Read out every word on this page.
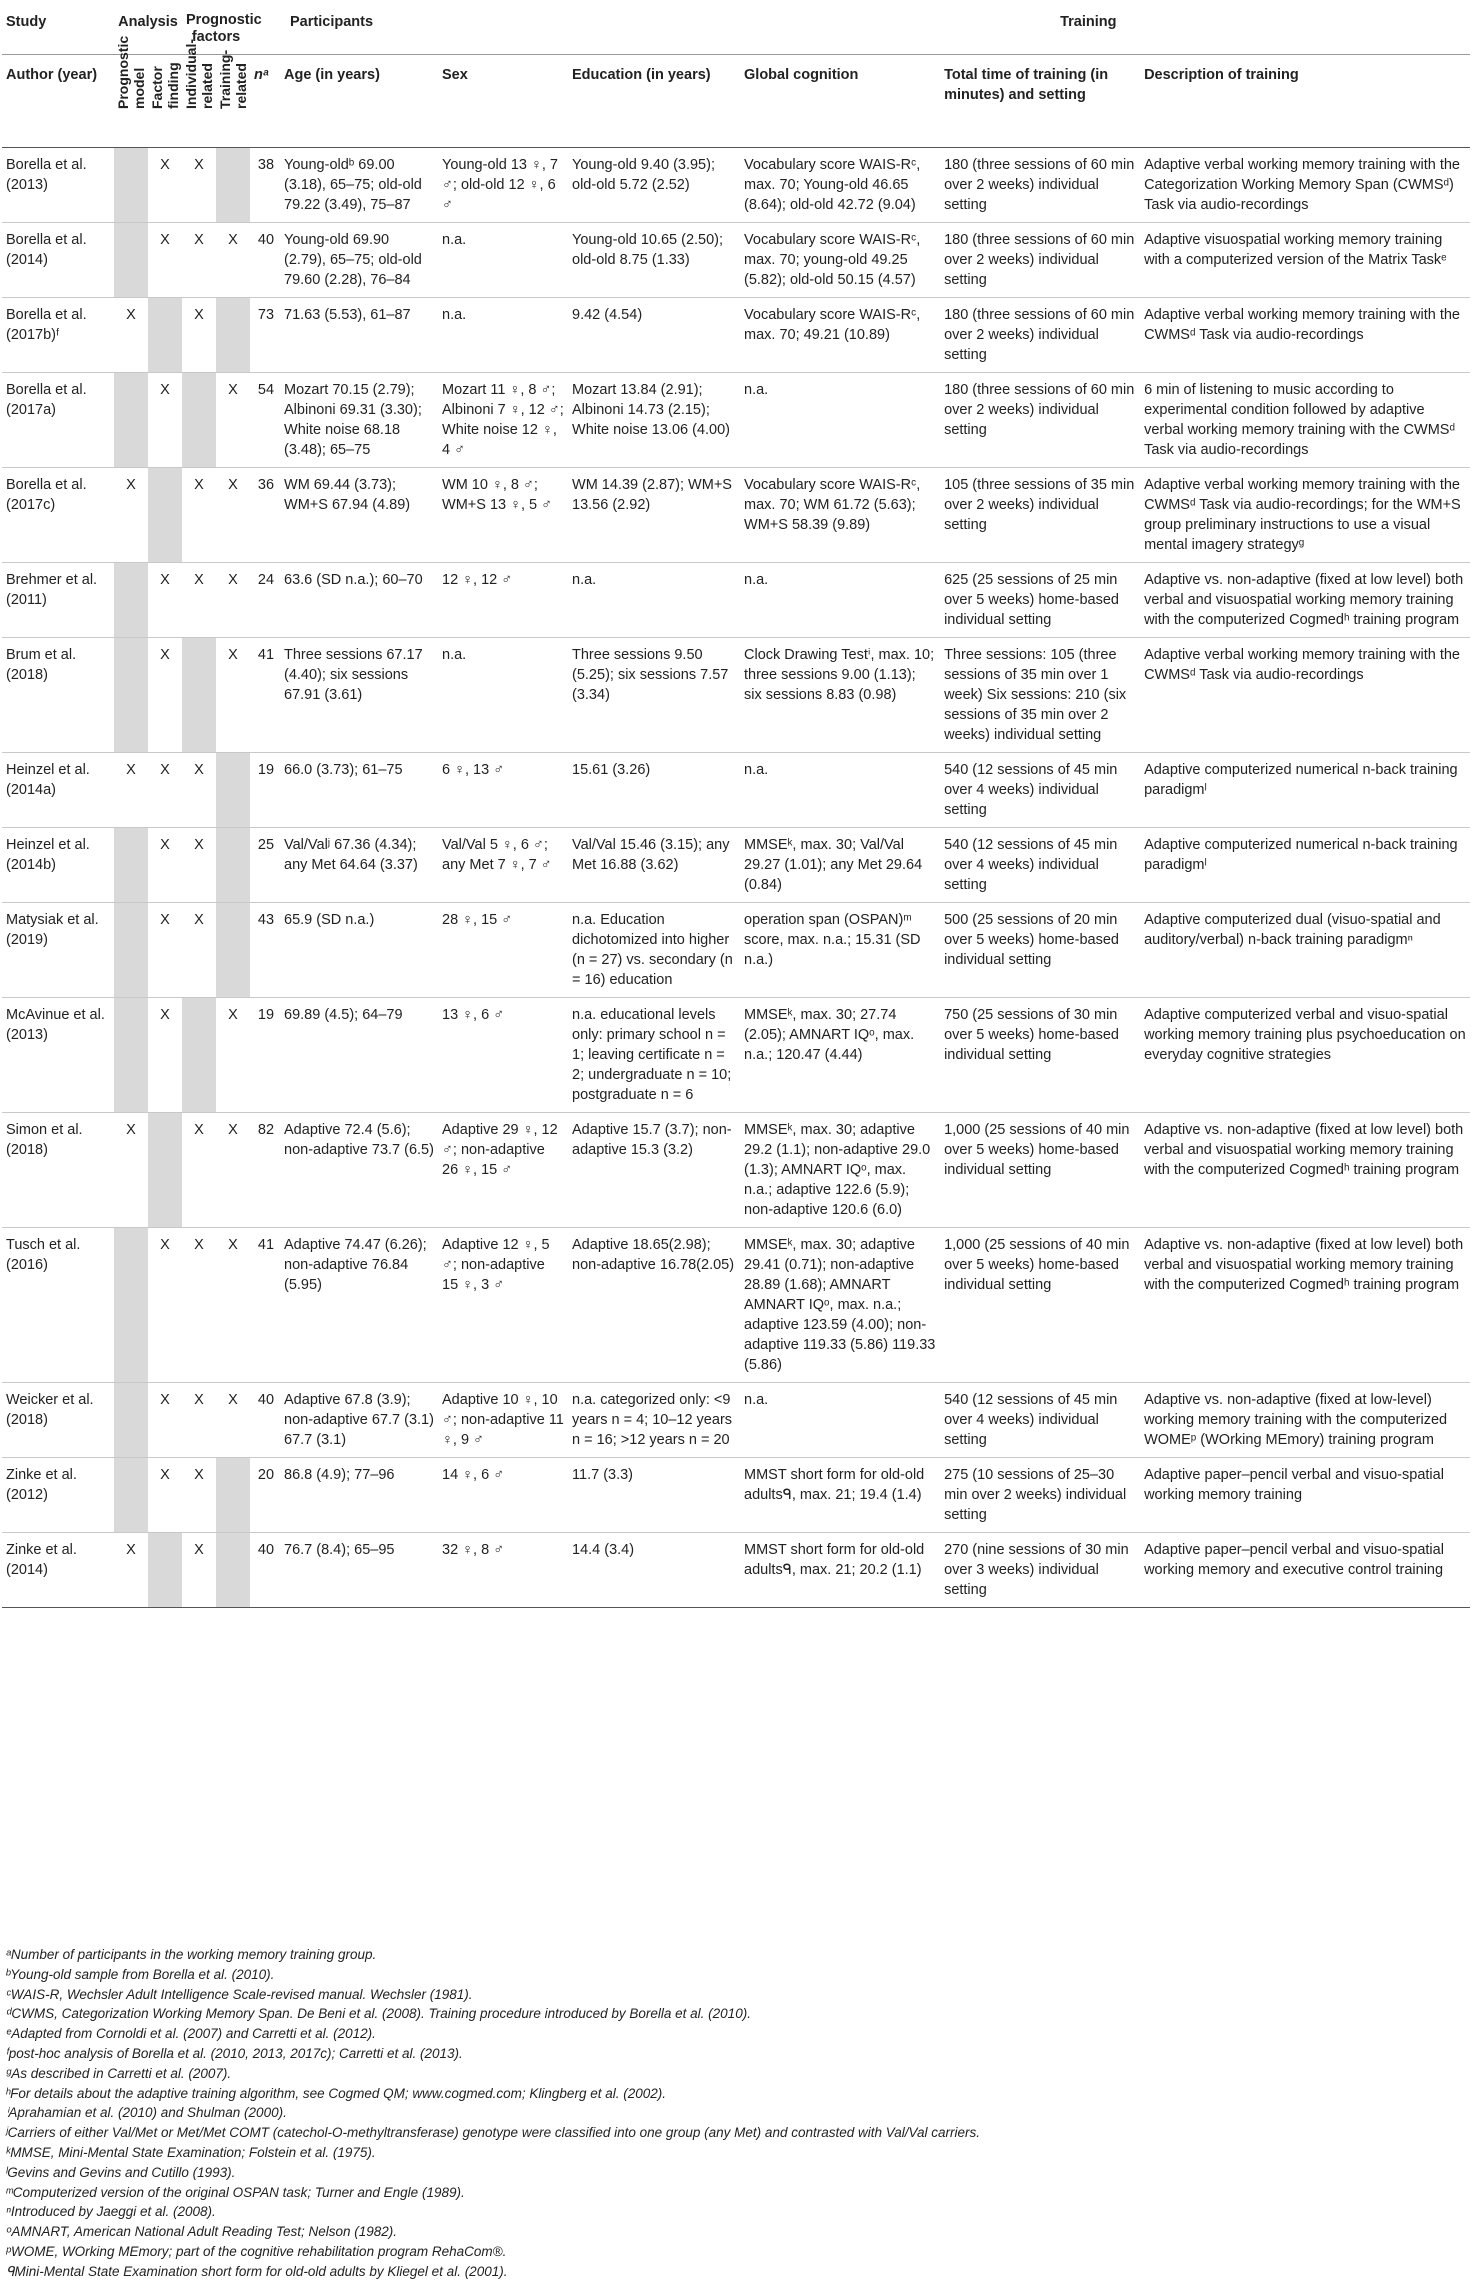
Study	Analysis		Prognostic factors		Participants					Training	
Author (year)	Prognostic model	Factor finding	Individual-related	Training-related	nᵃ	Age (in years)	Sex	Education (in years)	Global cognition	Total time of training (in minutes) and setting	Description of training
Borella et al. (2013)		X	X		38	Young-oldᵇ 69.00 (3.18), 65–75; old-old 79.22 (3.49), 75–87	Young-old 13 ♀, 7 ♂; old-old 12 ♀, 6 ♂	Young-old 9.40 (3.95); old-old 5.72 (2.52)	Vocabulary score WAIS-Rᶜ, max. 70; Young-old 46.65 (8.64); old-old 42.72 (9.04)	180 (three sessions of 60 min over 2 weeks) individual setting	Adaptive verbal working memory training with the Categorization Working Memory Span (CWMSᵈ) Task via audio-recordings
Borella et al. (2014)		X	X	X	40	Young-old 69.90 (2.79), 65–75; old-old 79.60 (2.28), 76–84	n.a.	Young-old 10.65 (2.50); old-old 8.75 (1.33)	Vocabulary score WAIS-Rᶜ, max. 70; young-old 49.25 (5.82); old-old 50.15 (4.57)	180 (three sessions of 60 min over 2 weeks) individual setting	Adaptive visuospatial working memory training with a computerized version of the Matrix Taskᵉ
Borella et al. (2017b)ᶠ	X		X		73	71.63 (5.53), 61–87	n.a.	9.42 (4.54)	Vocabulary score WAIS-Rᶜ, max. 70; 49.21 (10.89)	180 (three sessions of 60 min over 2 weeks) individual setting	Adaptive verbal working memory training with the CWMSᵈ Task via audio-recordings
Borella et al. (2017a)		X		X	54	Mozart 70.15 (2.79); Albinoni 69.31 (3.30); White noise 68.18 (3.48); 65–75	Mozart 11 ♀, 8 ♂; Albinoni 7 ♀, 12 ♂; White noise 12 ♀, 4 ♂	Mozart 13.84 (2.91); Albinoni 14.73 (2.15); White noise 13.06 (4.00)	n.a.	180 (three sessions of 60 min over 2 weeks) individual setting	6 min of listening to music according to experimental condition followed by adaptive verbal working memory training with the CWMSᵈ Task via audio-recordings
Borella et al. (2017c)	X		X	X	36	WM 69.44 (3.73); WM+S 67.94 (4.89)	WM 10 ♀, 8 ♂; WM+S 13 ♀, 5 ♂	WM 14.39 (2.87); WM+S 13.56 (2.92)	Vocabulary score WAIS-Rᶜ, max. 70; WM 61.72 (5.63); WM+S 58.39 (9.89)	105 (three sessions of 35 min over 2 weeks) individual setting	Adaptive verbal working memory training with the CWMSᵈ Task via audio-recordings; for the WM+S group preliminary instructions to use a visual mental imagery strategyᵍ
Brehmer et al. (2011)		X	X	X	24	63.6 (SD n.a.); 60–70	12 ♀, 12 ♂	n.a.	n.a.	625 (25 sessions of 25 min over 5 weeks) home-based individual setting	Adaptive vs. non-adaptive (fixed at low level) both verbal and visuospatial working memory training with the computerized Cogmedʰ training program
Brum et al. (2018)		X		X	41	Three sessions 67.17 (4.40); six sessions 67.91 (3.61)	n.a.	Three sessions 9.50 (5.25); six sessions 7.57 (3.34)	Clock Drawing Testⁱ, max. 10; three sessions 9.00 (1.13); six sessions 8.83 (0.98)	Three sessions: 105 (three sessions of 35 min over 1 week) Six sessions: 210 (six sessions of 35 min over 2 weeks) individual setting	Adaptive verbal working memory training with the CWMSᵈ Task via audio-recordings
Heinzel et al. (2014a)	X	X	X		19	66.0 (3.73); 61–75	6 ♀, 13 ♂	15.61 (3.26)	n.a.	540 (12 sessions of 45 min over 4 weeks) individual setting	Adaptive computerized numerical n-back training paradigmˡ
Heinzel et al. (2014b)		X	X		25	Val/Valʲ 67.36 (4.34); any Met 64.64 (3.37)	Val/Val 5 ♀, 6 ♂; any Met 7 ♀, 7 ♂	Val/Val 15.46 (3.15); any Met 16.88 (3.62)	MMSEᵏ, max. 30; Val/Val 29.27 (1.01); any Met 29.64 (0.84)	540 (12 sessions of 45 min over 4 weeks) individual setting	Adaptive computerized numerical n-back training paradigmˡ
Matysiak et al. (2019)		X	X		43	65.9 (SD n.a.)	28 ♀, 15 ♂	n.a. Education dichotomized into higher (n = 27) vs. secondary (n = 16) education	operation span (OSPAN)ᵐ score, max. n.a.; 15.31 (SD n.a.)	500 (25 sessions of 20 min over 5 weeks) home-based individual setting	Adaptive computerized dual (visuo-spatial and auditory/verbal) n-back training paradigmⁿ
McAvinue et al. (2013)		X		X	19	69.89 (4.5); 64–79	13 ♀, 6 ♂	n.a. educational levels only: primary school n = 1; leaving certificate n = 2; undergraduate n = 10; postgraduate n = 6	MMSEᵏ, max. 30; 27.74 (2.05); AMNART IQᵒ, max. n.a.; 120.47 (4.44)	750 (25 sessions of 30 min over 5 weeks) home-based individual setting	Adaptive computerized verbal and visuo-spatial working memory training plus psychoeducation on everyday cognitive strategies
Simon et al. (2018)	X		X	X	82	Adaptive 72.4 (5.6); non-adaptive 73.7 (6.5)	Adaptive 29 ♀, 12 ♂; non-adaptive 26 ♀, 15 ♂	Adaptive 15.7 (3.7); non-adaptive 15.3 (3.2)	MMSEᵏ, max. 30; adaptive 29.2 (1.1); non-adaptive 29.0 (1.3); AMNART IQᵒ, max. n.a.; adaptive 122.6 (5.9); non-adaptive 120.6 (6.0)	1,000 (25 sessions of 40 min over 5 weeks) home-based individual setting	Adaptive vs. non-adaptive (fixed at low level) both verbal and visuospatial working memory training with the computerized Cogmedʰ training program
Tusch et al. (2016)		X	X	X	41	Adaptive 74.47 (6.26); non-adaptive 76.84 (5.95)	Adaptive 12 ♀, 5 ♂; non-adaptive 15 ♀, 3 ♂	Adaptive 18.65(2.98); non-adaptive 16.78(2.05)	MMSEᵏ, max. 30; adaptive 29.41 (0.71); non-adaptive 28.89 (1.68); AMNART AMNART IQᵒ, max. n.a.; adaptive 123.59 (4.00); non-adaptive 119.33 (5.86) 119.33 (5.86)	1,000 (25 sessions of 40 min over 5 weeks) home-based individual setting	Adaptive vs. non-adaptive (fixed at low level) both verbal and visuospatial working memory training with the computerized Cogmedʰ training program
Weicker et al. (2018)		X	X	X	40	Adaptive 67.8 (3.9); non-adaptive 67.7 (3.1) 67.7 (3.1)	Adaptive 10 ♀, 10 ♂; non-adaptive 11 ♀, 9 ♂	n.a. categorized only: <9 years n = 4; 10–12 years n = 16; >12 years n = 20	n.a.	540 (12 sessions of 45 min over 4 weeks) individual setting	Adaptive vs. non-adaptive (fixed at low-level) working memory training with the computerized WOMEᵖ (WOrking MEmory) training program
Zinke et al. (2012)		X	X		20	86.8 (4.9); 77–96	14 ♀, 6 ♂	11.7 (3.3)	MMST short form for old-old adultsᑫ, max. 21; 19.4 (1.4)	275 (10 sessions of 25–30 min over 2 weeks) individual setting	Adaptive paper–pencil verbal and visuo-spatial working memory training
Zinke et al. (2014)	X		X		40	76.7 (8.4); 65–95	32 ♀, 8 ♂	14.4 (3.4)	MMST short form for old-old adultsᑫ, max. 21; 20.2 (1.1)	270 (nine sessions of 30 min over 3 weeks) individual setting	Adaptive paper–pencil verbal and visuo-spatial working memory and executive control training
ᵃNumber of participants in the working memory training group.
ᵇYoung-old sample from Borella et al. (2010).
ᶜWAIS-R, Wechsler Adult Intelligence Scale-revised manual. Wechsler (1981).
ᵈCWMS, Categorization Working Memory Span. De Beni et al. (2008). Training procedure introduced by Borella et al. (2010).
ᵉAdapted from Cornoldi et al. (2007) and Carretti et al. (2012).
ᶠpost-hoc analysis of Borella et al. (2010, 2013, 2017c); Carretti et al. (2013).
ᵍAs described in Carretti et al. (2007).
ʰFor details about the adaptive training algorithm, see Cogmed QM; www.cogmed.com; Klingberg et al. (2002).
ⁱAprahamian et al. (2010) and Shulman (2000).
ʲCarriers of either Val/Met or Met/Met COMT (catechol-O-methyltransferase) genotype were classified into one group (any Met) and contrasted with Val/Val carriers.
ᵏMMSE, Mini-Mental State Examination; Folstein et al. (1975).
ˡGevins and Gevins and Cutillo (1993).
ᵐComputerized version of the original OSPAN task; Turner and Engle (1989).
ⁿIntroduced by Jaeggi et al. (2008).
ᵒAMNART, American National Adult Reading Test; Nelson (1982).
ᵖWOME, WOrking MEmory; part of the cognitive rehabilitation program RehaCom®.
ᑫMini-Mental State Examination short form for old-old adults by Kliegel et al. (2001).
